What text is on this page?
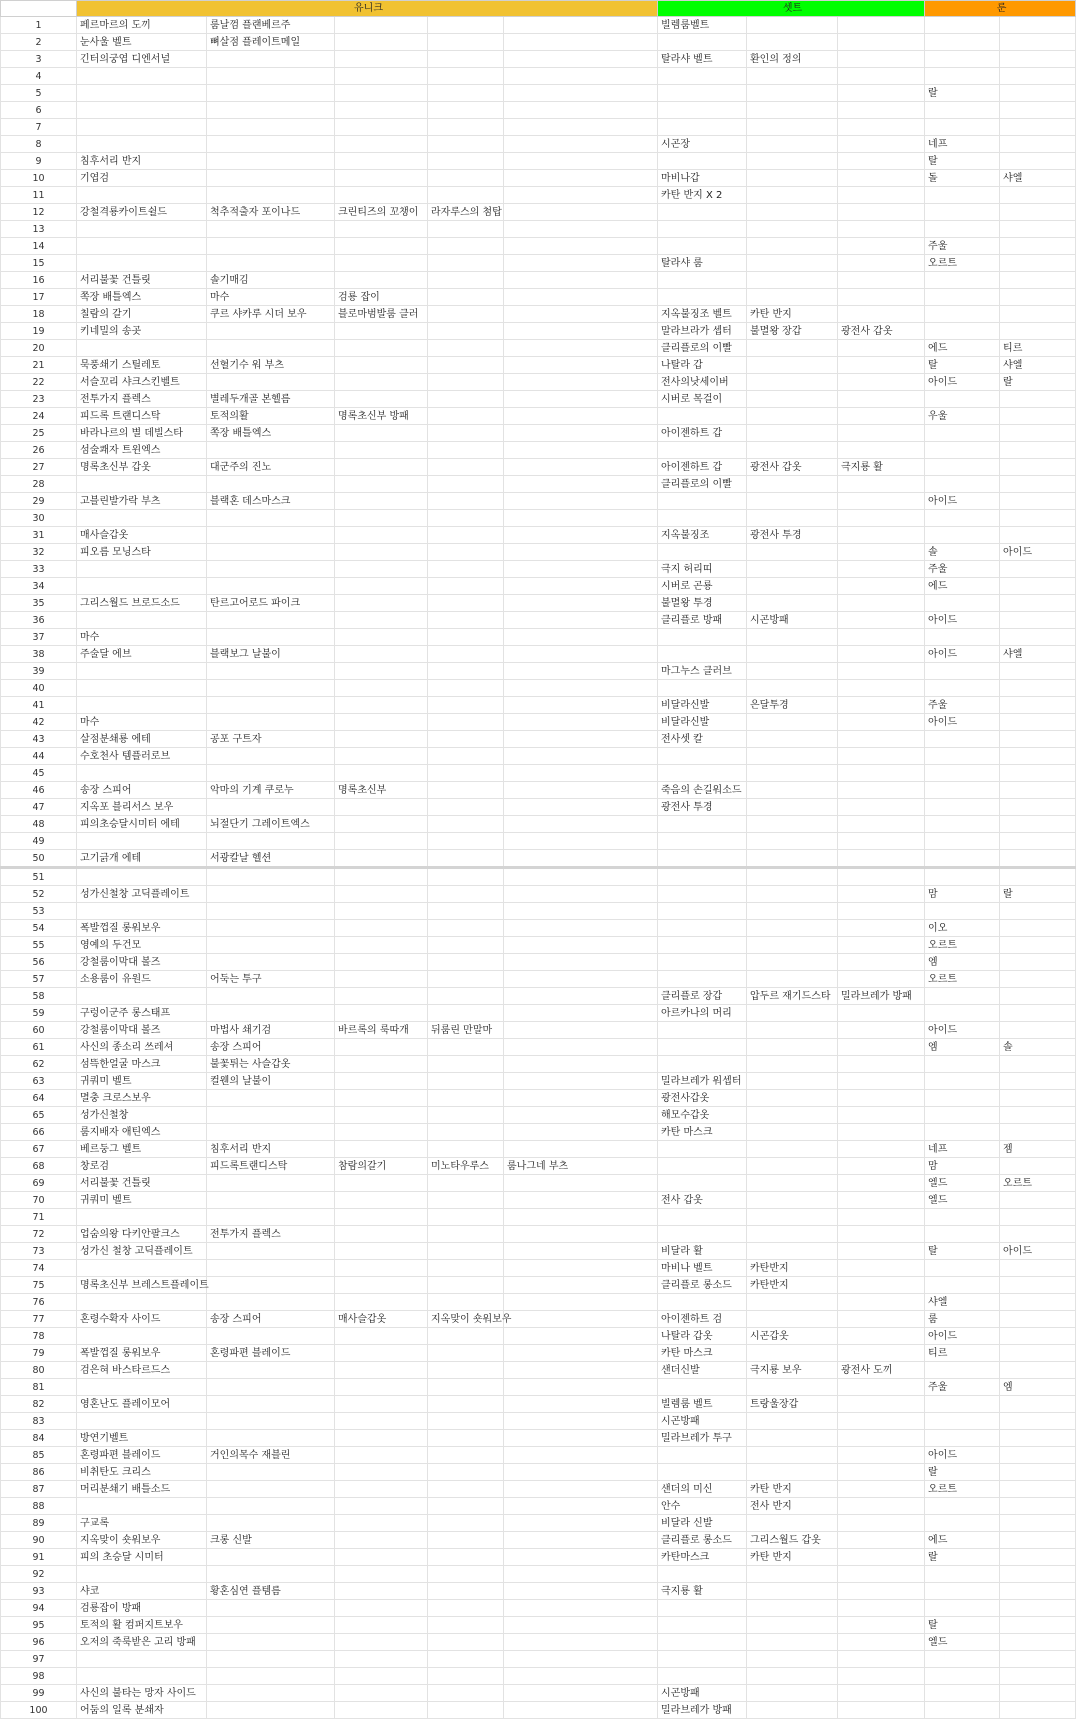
	유니크					셋트			룬	
1	페르마르의 도끼	룸날껌 플랜베르주				빌렘룸벨트				
2	눈사울 벨트	뼈살점 플레이트메일								
3	긴터의궁엽 디엔서널					탈라샤 벨트	환인의 정의			
4										
5									랄	
6										
7										
8						시곤장			네프	
9	침후서리 반지								탈	
10	기엽검					마비나갑			돌	샤엘
11						카탄 반지 X 2				
12	강철격룡카이트쉴드	척추적출자 포이나드	크린티즈의 꼬챙이	라자루스의 첨탑						
13										
14									주울	
15						탈라샤 룸			오르트	
16	서리불꽃 건틀릿	솔기매김								
17	쪽장 배틀엑스	마수	검룡 잡이							
18	칠람의 갈기	쿠르 샤카루 시더 보우	블로마범발룸 클러			지옥불징조 벨트	카탄 반지			
19	키네밀의 송곳					말라브라가 셉터	불멸왕 장갑	광전사 갑옷		
20						클리플로의 이빨			에드	티르
21	묵풍쇄기 스틸레토	선혈기수 워 부츠				나탈라 갑			탈	샤엘
22	서슬꼬리 샤크스킨벨트					전사의낫세이버			아이드	랄
23	전투가지 플렉스	별레두개골 본헬름				시버로 목걸이				
24	피드록 트랜디스탁	토적의활	명록초신부 방패						우울	
25	바라나르의 별 데빌스타	쪽장 배틀엑스				아이젠하트 갑				
26	섬술쾌자 트윈엑스									
27	명록초신부 갑옷	대군주의 진노				아이젠하트 갑	광전사 갑옷	극지룡 활		
28						클리플로의 이빨				
29	고블린발가락 부츠	블랙혼 데스마스크							아이드	
30										
31	매사슬갑옷					지옥불징조	광전사 투경			
32	피오름 모닝스타								솔	아이드
33						극지 허리띠			주울	
34						시버로 곤룡			에드	
35	그리스월드 브로드소드	탄르고어로드 파이크				불멸왕 투경				
36						클리플로 방패	시곤방패		아이드	
37	마수									
38	주술달 에브	블랙보그 날불이							아이드	샤엘
39						마그누스 클러브				
40										
41						비달라신발	은달투경		주울	
42	마수					비달라신발			아이드	
43	살점분쇄룡 에테	공포 구트자				전사셋 칼				
44	수호천사 템플러로브									
45										
46	송장 스피어	악마의 기계 쿠로누	명록초신부			죽음의 손길워소드				
47	지옥포 블리서스 보우					광전사 투경				
48	피의초승달시미터 에테	뇌절단기 그레이트엑스								
49										
50	고기긁개 에테	서광칼날 헬션								
51										
52	성가신철창 고딕플레이트								맘	랄
53										
54	폭발껍질 롱워보우								이오	
55	영예의 두건모								오르트	
56	강철룸이막대 볼즈								엠	
57	소용룸이 유원드	어둑는 투구							오르트	
58						클리플로 장갑	압두르 재기드스타	밀라브레가 방패		
59	구렁이군주 롱스태프					아르카나의 머리				
60	강철룸이막대 볼즈	마법사 쇄기검	바르록의 룩따개	뒤룸린 만말마					아이드	
61	사신의 종소리 쓰레셔	송장 스피어							엠	솔
62	섬뜩한얼굴 마스크	불꽃튀는 사슬갑옷								
63	귀쿼미 벨트	컬웬의 날불이				밀라브레가 워셉터				
64	멸충 크로스보우					광전사갑옷				
65	성가신철창					해모수갑옷				
66	룸지배자 애틴엑스					카탄 마스크				
67	베르둥그 벨트	침후서리 반지							네프	젬
68	창로검	피드록트랜디스탁	참람의갈기	미노타우루스	룸나그네 부츠				맘	
69	서리불꽃 건틀릿								엘드	오르트
70	귀쿼미 벨트					전사 갑옷			엘드	
71										
72	업숨의왕 다키안팔크스	전투가지 플렉스								
73	성가신 철창 고딕플레이트					비달라 활			탈	아이드
74						마비나 벨트	카탄반지			
75	명록초신부 브레스트플레이트					클리플로 롱소드	카탄반지			
76									샤엘	
77	혼령수확자 사이드	송장 스피어	매사슬갑옷	지옥맞이 숏워보우		아이젠하트 검			룸	
78						나탈라 갑옷	시곤갑옷		아이드	
79	폭발껍질 롱워보우	혼령파편 블레이드				카탄 마스크			티르	
80	검은혀 바스타르드스					샌더신발	극지룡 보우	광전사 도끼		
81									주울	엠
82	영혼난도 플레이모어					빌렘룸 벨트	트랑울장갑			
83						시곤방패				
84	방연기벨트					밀라브레가 투구				
85	혼령파편 블레이드	거인의목수 재블린							아이드	
86	비취탄도 크리스								랄	
87	머리분쇄기 배틀소드					샌더의 미신	카탄 반지		오르트	
88						안수	전사 반지			
89	구교록					비달라 신발				
90	지옥맞이 숏워보우	크롱 신발				클리플로 롱소드	그리스월드 갑옷		에드	
91	피의 초승달 시미터					카탄마스크	카탄 반지		랄	
92										
93	샤코	황혼심연 플템름				극지룡 활				
94	검룡잡이 방패									
95	토적의 활 컴퍼지트보우								탈	
96	오저의 죽룩받은 고리 방패								엘드	
97										
98										
99	사신의 불타는 망자 사이드					시곤방패				
100	어둠의 일록 분쇄자					밀라브레가 방패				
